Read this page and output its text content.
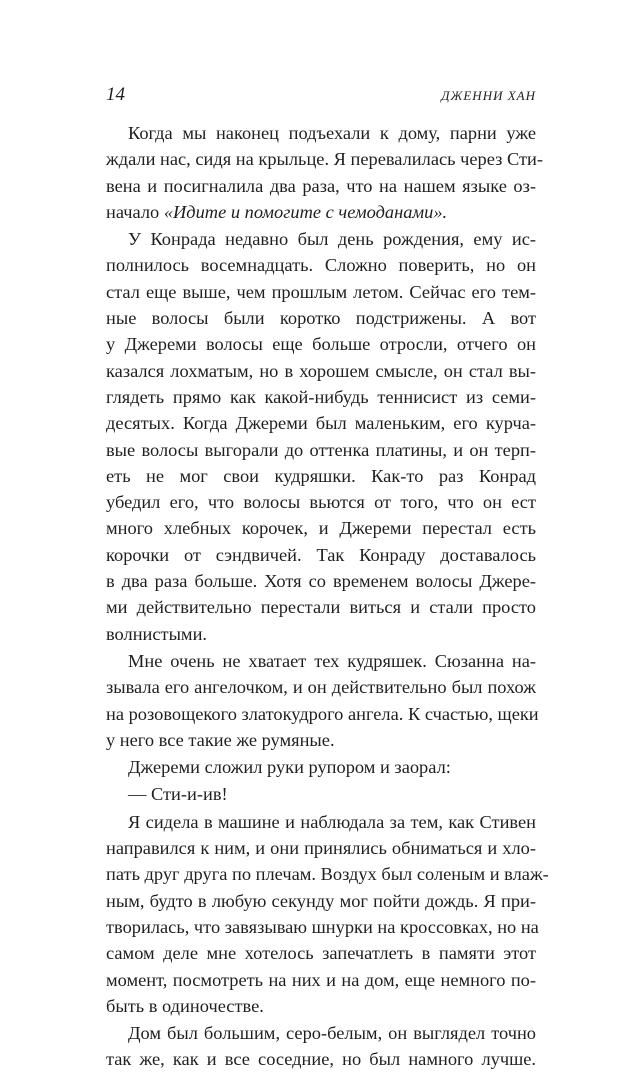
14	ДЖЕННИ ХАН
Когда мы наконец подъехали к дому, парни уже
ждали нас, сидя на крыльце. Я перевалилась через Сти-
вена и посигналила два раза, что на нашем языке оз-
начало «Идите и помогите с чемоданами».
У Конрада недавно был день рождения, ему ис-
полнилось восемнадцать. Сложно поверить, но он
стал еще выше, чем прошлым летом. Сейчас его тем-
ные волосы были коротко подстрижены. А вот
у Джереми волосы еще больше отросли, отчего он
казался лохматым, но в хорошем смысле, он стал вы-
глядеть прямо как какой-нибудь теннисист из семи-
десятых. Когда Джереми был маленьким, его курча-
вые волосы выгорали до оттенка платины, и он терп-
еть не мог свои кудряшки. Как-то раз Конрад
убедил его, что волосы вьются от того, что он ест
много хлебных корочек, и Джереми перестал есть
корочки от сэндвичей. Так Конраду доставалось
в два раза больше. Хотя со временем волосы Джере-
ми действительно перестали виться и стали просто
волнистыми.
Мне очень не хватает тех кудряшек. Сюзанна на-
зывала его ангелочком, и он действительно был похож
на розовощекого златокудрого ангела. К счастью, щеки
у него все такие же румяные.
Джереми сложил руки рупором и заорал:
— Сти-и-ив!
Я сидела в машине и наблюдала за тем, как Стивен
направился к ним, и они принялись обниматься и хло-
пать друг друга по плечам. Воздух был соленым и влаж-
ным, будто в любую секунду мог пойти дождь. Я при-
творилась, что завязываю шнурки на кроссовках, но на
самом деле мне хотелось запечатлеть в памяти этот
момент, посмотреть на них и на дом, еще немного по-
быть в одиночестве.
Дом был большим, серо-белым, он выглядел точно
так же, как и все соседние, но был намного лучше.
